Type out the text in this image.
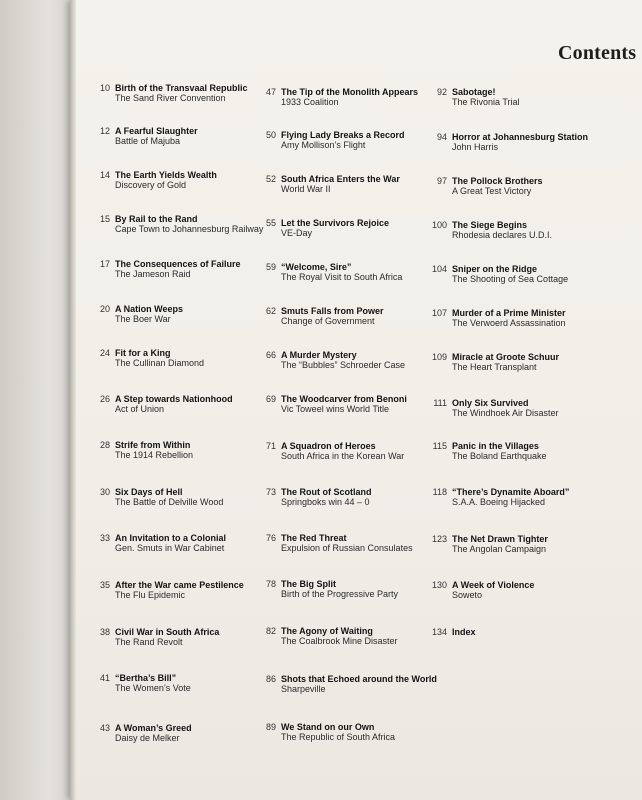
Contents
10 Birth of the Transvaal Republic
The Sand River Convention
12 A Fearful Slaughter
Battle of Majuba
14 The Earth Yields Wealth
Discovery of Gold
15 By Rail to the Rand
Cape Town to Johannesburg Railway
17 The Consequences of Failure
The Jameson Raid
20 A Nation Weeps
The Boer War
24 Fit for a King
The Cullinan Diamond
26 A Step towards Nationhood
Act of Union
28 Strife from Within
The 1914 Rebellion
30 Six Days of Hell
The Battle of Delville Wood
33 An Invitation to a Colonial
Gen. Smuts in War Cabinet
35 After the War came Pestilence
The Flu Epidemic
38 Civil War in South Africa
The Rand Revolt
41 “Bertha’s Bill”
The Women’s Vote
43 A Woman’s Greed
Daisy de Melker
47 The Tip of the Monolith Appears
1933 Coalition
50 Flying Lady Breaks a Record
Amy Mollison’s Flight
52 South Africa Enters the War
World War II
55 Let the Survivors Rejoice
VE-Day
59 “Welcome, Sire”
The Royal Visit to South Africa
62 Smuts Falls from Power
Change of Government
66 A Murder Mystery
The “Bubbles” Schroeder Case
69 The Woodcarver from Benoni
Vic Toweel wins World Title
71 A Squadron of Heroes
South Africa in the Korean War
73 The Rout of Scotland
Springboks win 44 – 0
76 The Red Threat
Expulsion of Russian Consulates
78 The Big Split
Birth of the Progressive Party
82 The Agony of Waiting
The Coalbrook Mine Disaster
86 Shots that Echoed around the World
Sharpeville
89 We Stand on our Own
The Republic of South Africa
92 Sabotage!
The Rivonia Trial
94 Horror at Johannesburg Station
John Harris
97 The Pollock Brothers
A Great Test Victory
100 The Siege Begins
Rhodesia declares U.D.I.
104 Sniper on the Ridge
The Shooting of Sea Cottage
107 Murder of a Prime Minister
The Verwoerd Assassination
109 Miracle at Groote Schuur
The Heart Transplant
111 Only Six Survived
The Windhoek Air Disaster
115 Panic in the Villages
The Boland Earthquake
118 “There’s Dynamite Aboard”
S.A.A. Boeing Hijacked
123 The Net Drawn Tighter
The Angolan Campaign
130 A Week of Violence
Soweto
134 Index
